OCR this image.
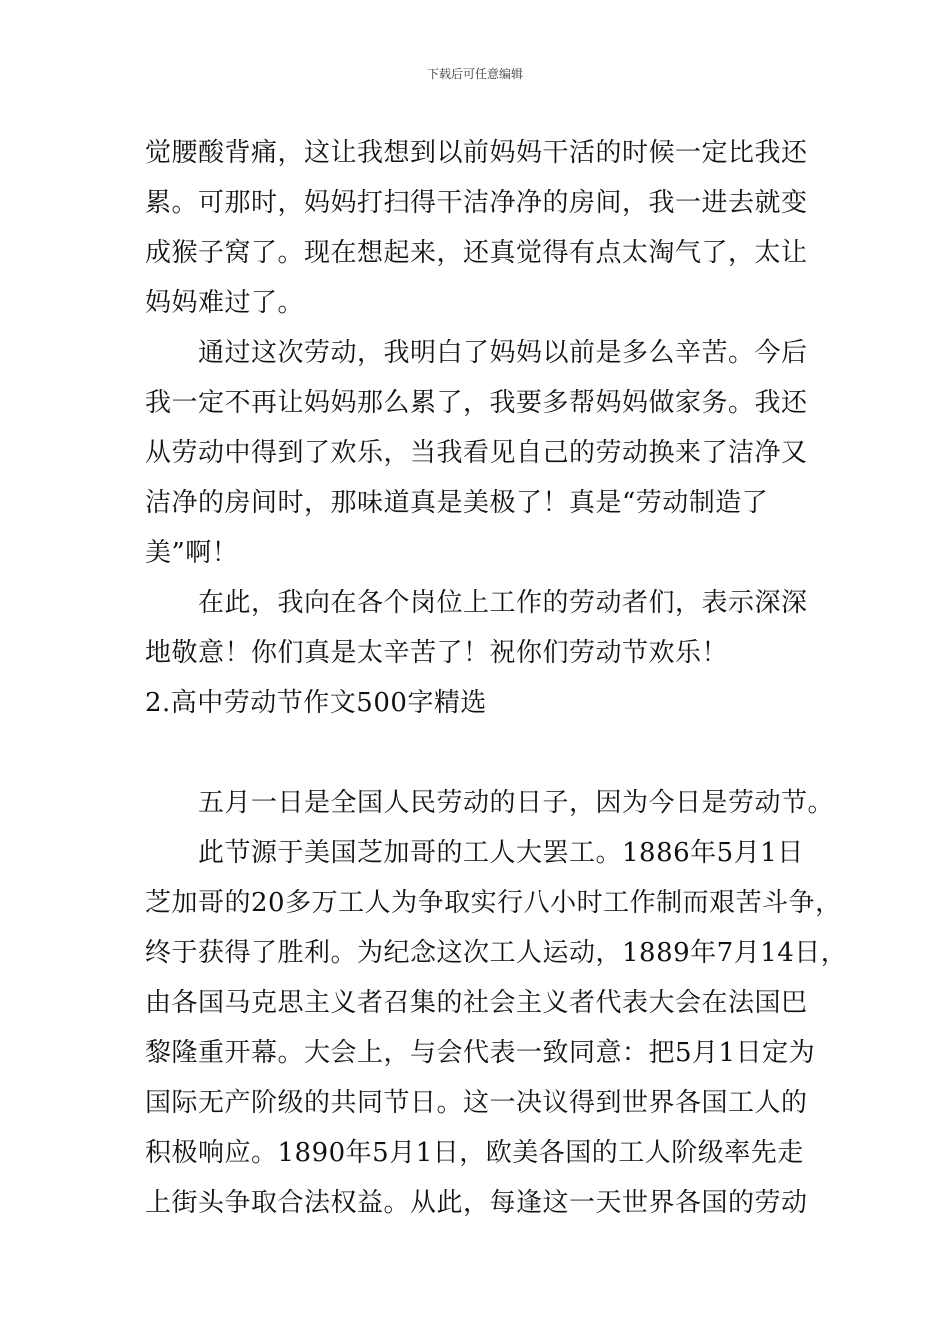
下载后可任意编辑
觉腰酸背痛，这让我想到以前妈妈干活的时候一定比我还
累。可那时，妈妈打扫得干洁净净的房间，我一进去就变
成猴子窝了。现在想起来，还真觉得有点太淘气了，太让
妈妈难过了。
通过这次劳动，我明白了妈妈以前是多么辛苦。今后
我一定不再让妈妈那么累了，我要多帮妈妈做家务。我还
从劳动中得到了欢乐，当我看见自己的劳动换来了洁净又
洁净的房间时，那味道真是美极了！真是“劳动制造了
美”啊！
在此，我向在各个岗位上工作的劳动者们，表示深深
地敬意！你们真是太辛苦了！祝你们劳动节欢乐！
2.高中劳动节作文500字精选
五月一日是全国人民劳动的日子，因为今日是劳动节。
此节源于美国芝加哥的工人大罢工。1886年5月1日
芝加哥的20多万工人为争取实行八小时工作制而艰苦斗争，
终于获得了胜利。为纪念这次工人运动，1889年7月14日，
由各国马克思主义者召集的社会主义者代表大会在法国巴
黎隆重开幕。大会上，与会代表一致同意：把5月1日定为
国际无产阶级的共同节日。这一决议得到世界各国工人的
积极响应。1890年5月1日，欧美各国的工人阶级率先走
上街头争取合法权益。从此，每逢这一天世界各国的劳动
